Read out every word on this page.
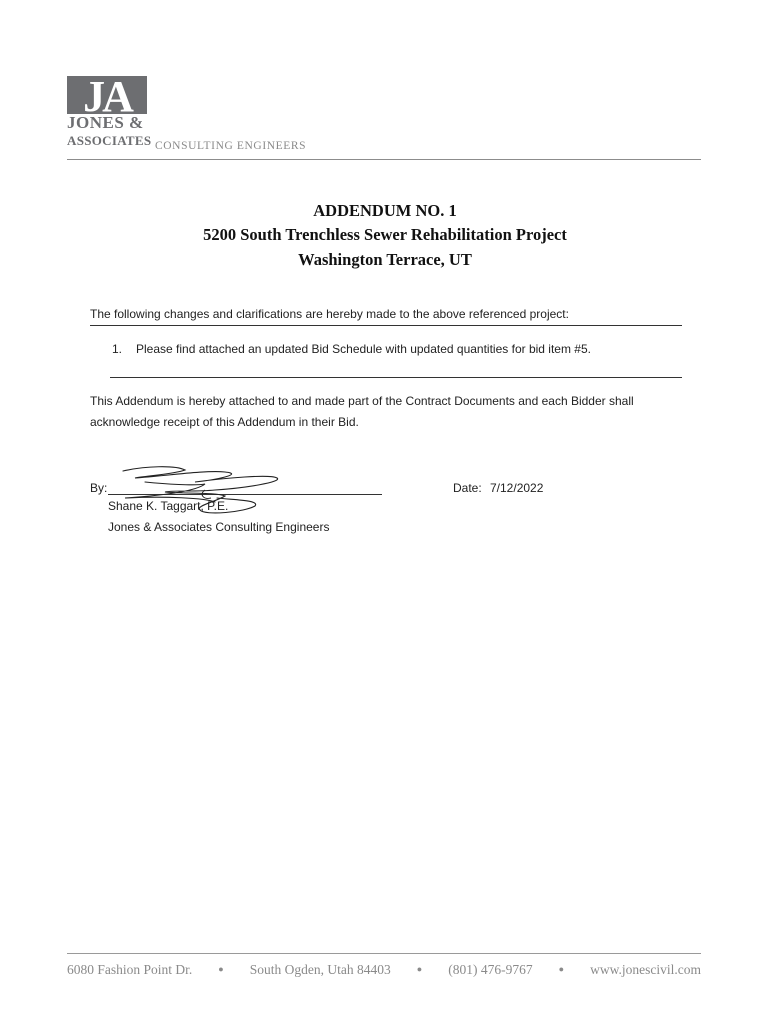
JA
JONES &
ASSOCIATES CONSULTING ENGINEERS
ADDENDUM NO. 1
5200 South Trenchless Sewer Rehabilitation Project
Washington Terrace, UT
The following changes and clarifications are hereby made to the above referenced project:
1. Please find attached an updated Bid Schedule with updated quantities for bid item #5.
This Addendum is hereby attached to and made part of the Contract Documents and each Bidder shall
acknowledge receipt of this Addendum in their Bid.
By:	Date: 7/12/2022
Shane K. Taggart, P.E.
Jones & Associates Consulting Engineers
6080 Fashion Point Dr.	● South Ogden, Utah 84403	● (801) 476-9767	● www.jonescivil.com
